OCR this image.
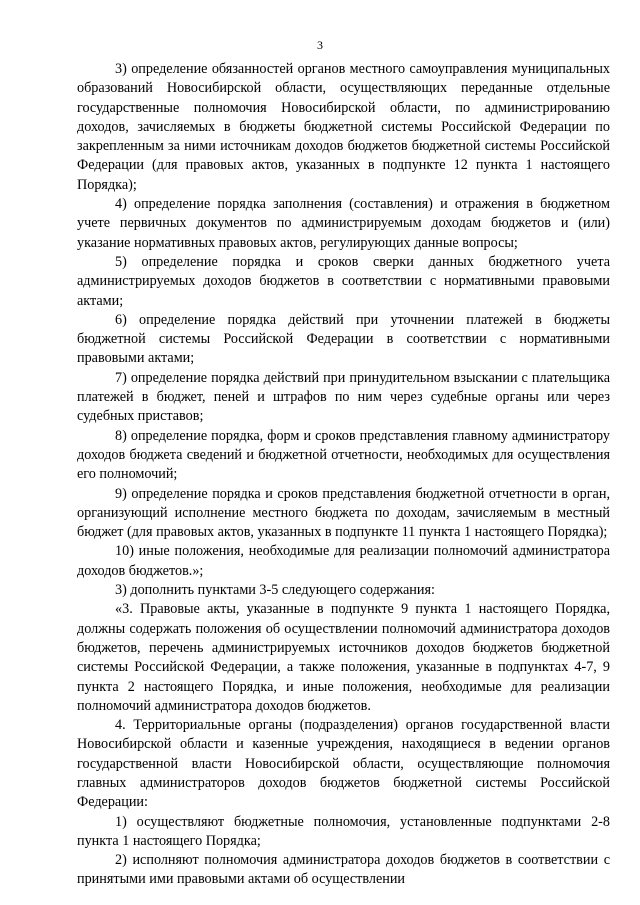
3

3) определение обязанностей органов местного самоуправления муниципальных образований Новосибирской области, осуществляющих переданные отдельные государственные полномочия Новосибирской области, по администрированию доходов, зачисляемых в бюджеты бюджетной системы Российской Федерации по закрепленным за ними источникам доходов бюджетов бюджетной системы Российской Федерации (для правовых актов, указанных в подпункте 12 пункта 1 настоящего Порядка);

4) определение порядка заполнения (составления) и отражения в бюджетном учете первичных документов по администрируемым доходам бюджетов и (или) указание нормативных правовых актов, регулирующих данные вопросы;

5) определение порядка и сроков сверки данных бюджетного учета администрируемых доходов бюджетов в соответствии с нормативными правовыми актами;

6) определение порядка действий при уточнении платежей в бюджеты бюджетной системы Российской Федерации в соответствии с нормативными правовыми актами;

7) определение порядка действий при принудительном взыскании с плательщика платежей в бюджет, пеней и штрафов по ним через судебные органы или через судебных приставов;

8) определение порядка, форм и сроков представления главному администратору доходов бюджета сведений и бюджетной отчетности, необходимых для осуществления его полномочий;

9) определение порядка и сроков представления бюджетной отчетности в орган, организующий исполнение местного бюджета по доходам, зачисляемым в местный бюджет (для правовых актов, указанных в подпункте 11 пункта 1 настоящего Порядка);

10) иные положения, необходимые для реализации полномочий администратора доходов бюджетов.»;

3) дополнить пунктами 3-5 следующего содержания:

«3. Правовые акты, указанные в подпункте 9 пункта 1 настоящего Порядка, должны содержать положения об осуществлении полномочий администратора доходов бюджетов, перечень администрируемых источников доходов бюджетов бюджетной системы Российской Федерации, а также положения, указанные в подпунктах 4-7, 9 пункта 2 настоящего Порядка, и иные положения, необходимые для реализации полномочий администратора доходов бюджетов.

4. Территориальные органы (подразделения) органов государственной власти Новосибирской области и казенные учреждения, находящиеся в ведении органов государственной власти Новосибирской области, осуществляющие полномочия главных администраторов доходов бюджетов бюджетной системы Российской Федерации:

1) осуществляют бюджетные полномочия, установленные подпунктами 2-8 пункта 1 настоящего Порядка;

2) исполняют полномочия администратора доходов бюджетов в соответствии с принятыми ими правовыми актами об осуществлении
